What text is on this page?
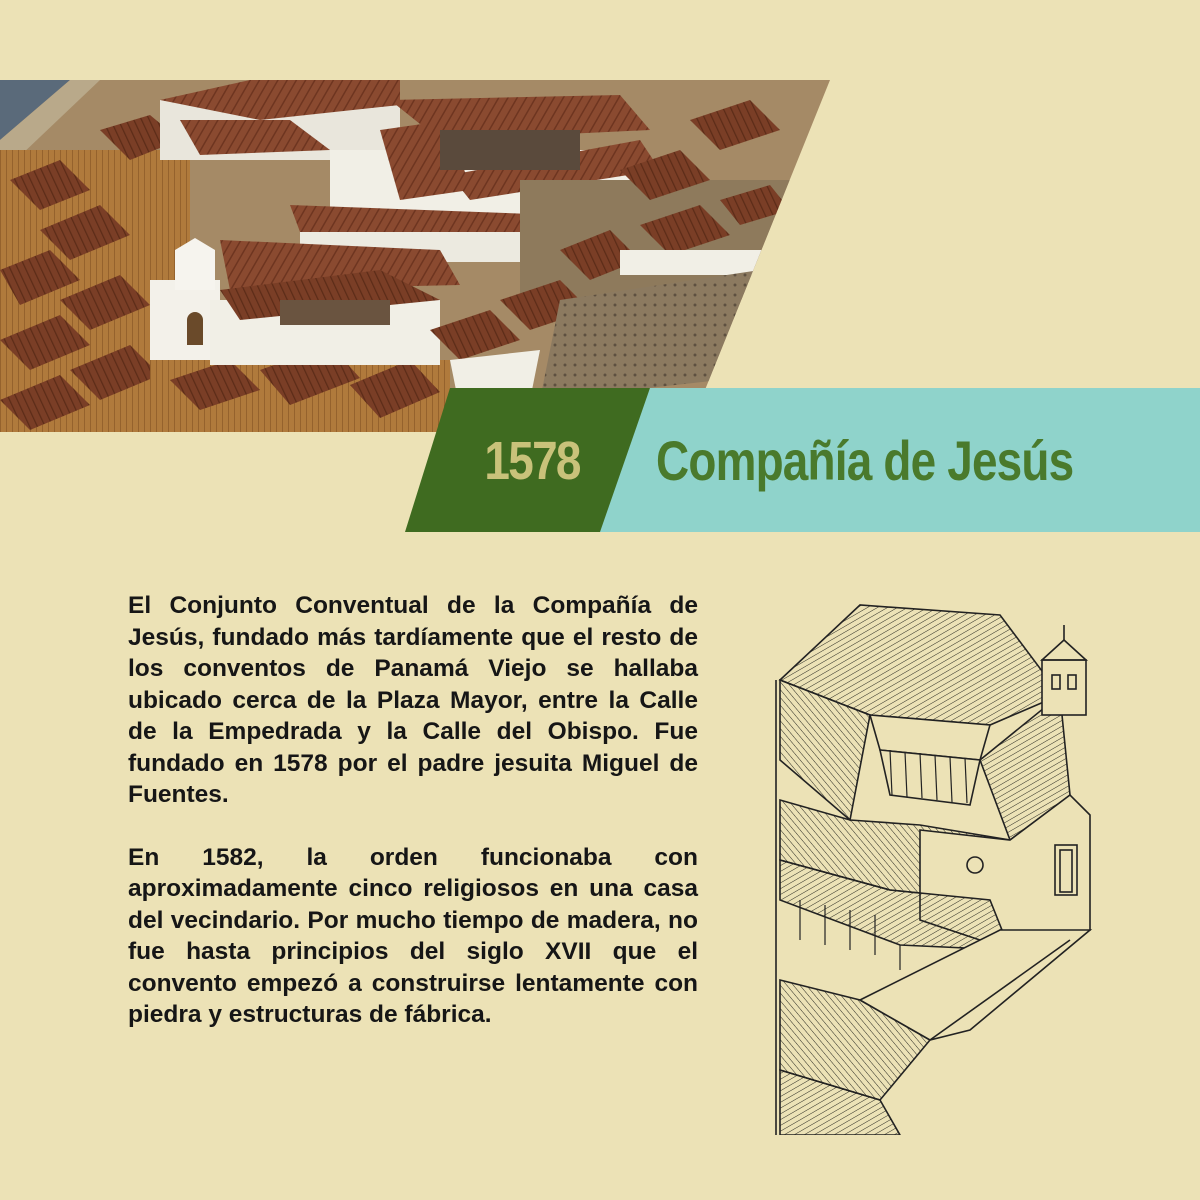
1578 Compañía de Jesús

El Conjunto Conventual de la Compañía de Jesús, fundado más tardíamente que el resto de los conventos de Panamá Viejo se hallaba ubicado cerca de la Plaza Mayor, entre la Calle de la Empedrada y la Calle del Obispo. Fue fundado en 1578 por el padre jesuita Miguel de Fuentes.

En 1582, la orden funcionaba con aproximadamente cinco religiosos en una casa del vecindario. Por mucho tiempo de madera, no fue hasta principios del siglo XVII que el convento empezó a construirse lentamente con piedra y estructuras de fábrica.
